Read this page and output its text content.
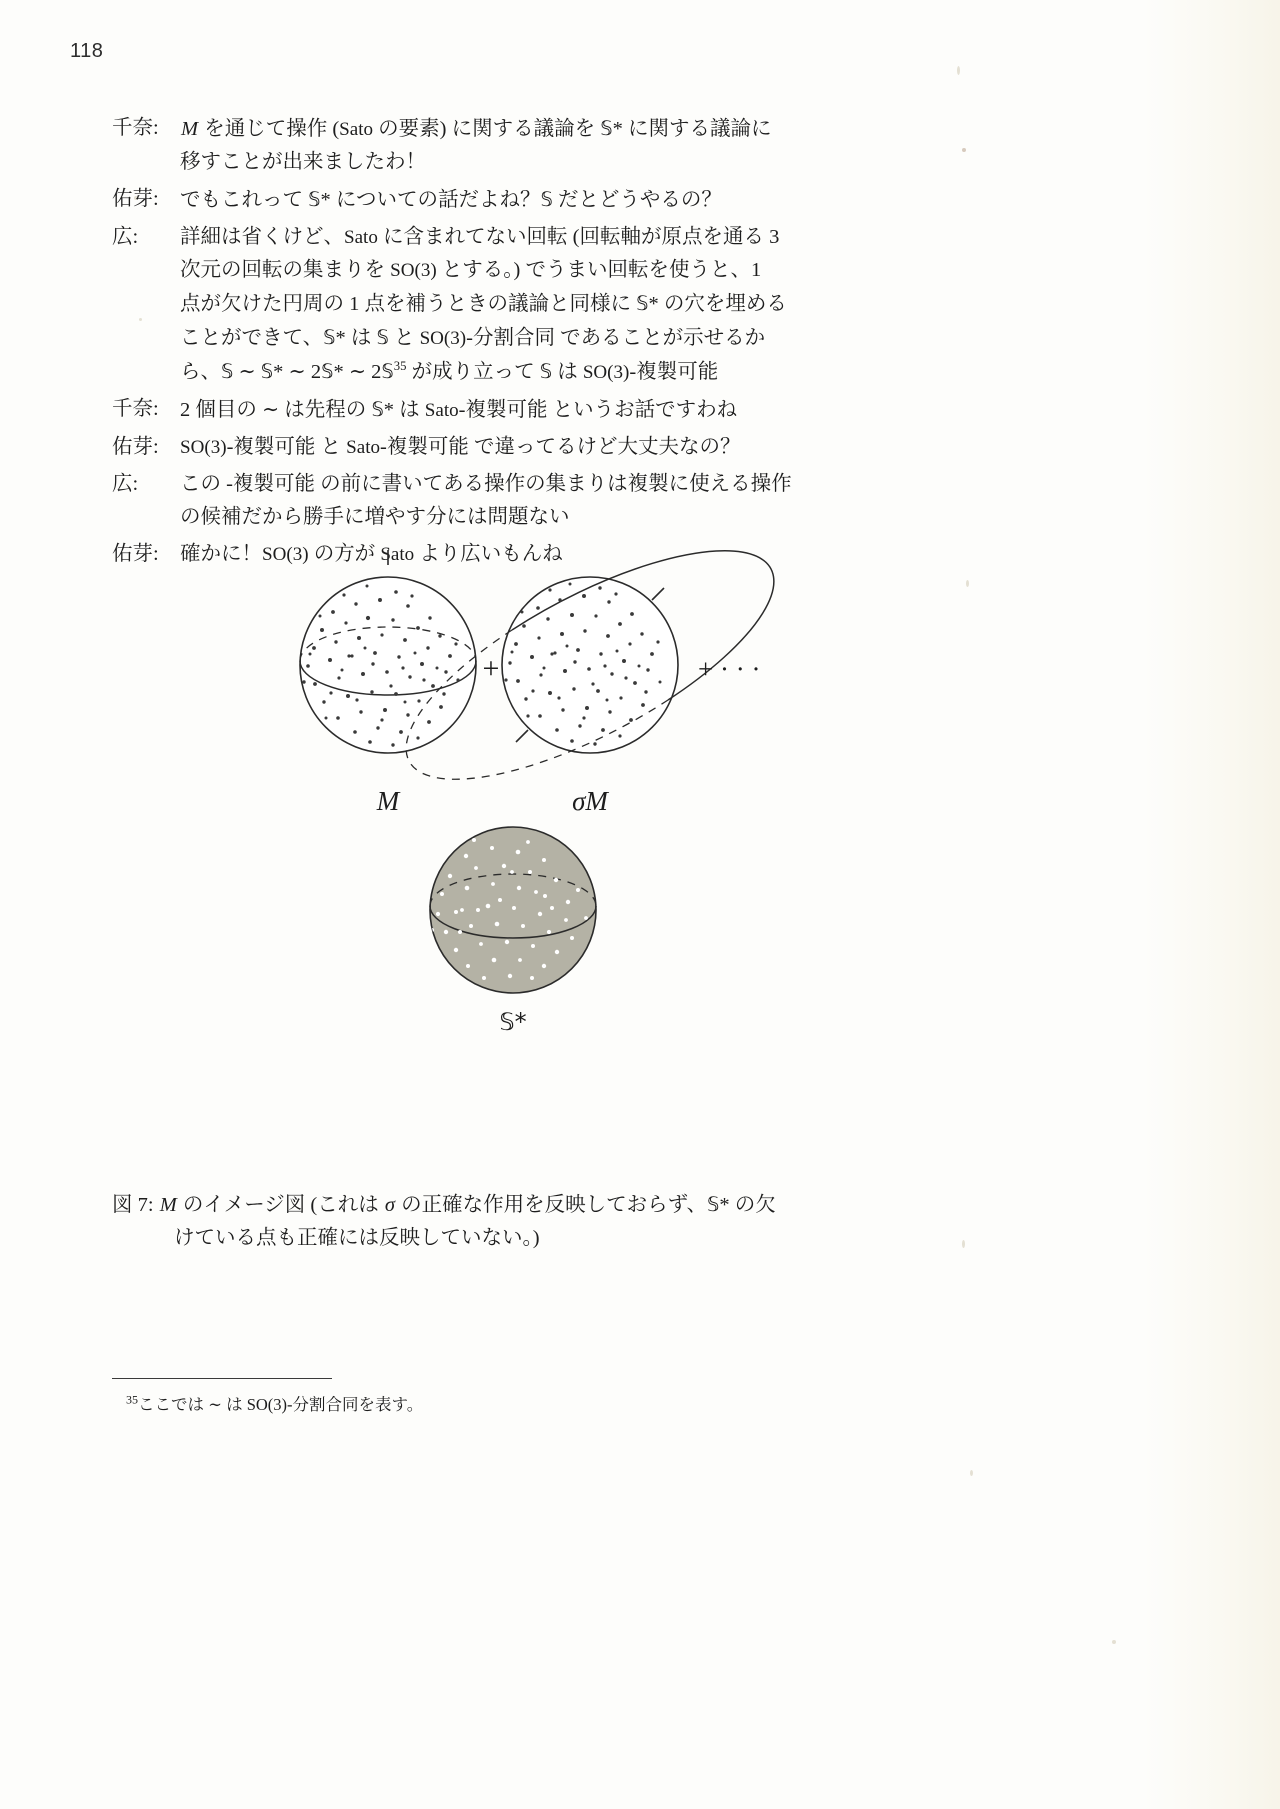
118
千奈:	M を通じて操作 (Sato の要素) に関する議論を 𝕊* に関する議論に
移すことが出来ましたわ！
佑芽:	でもこれって 𝕊* についての話だよね？𝕊 だとどうやるの？
広:	詳細は省くけど、Sato に含まれてない回転 (回転軸が原点を通る 3
次元の回転の集まりを SO(3) とする。) でうまい回転を使うと、1
点が欠けた円周の 1 点を補うときの議論と同様に 𝕊* の穴を埋める
ことができて、𝕊* は 𝕊 と SO(3)-分割合同 であることが示せるか
ら、𝕊 ∼ 𝕊* ∼ 2𝕊* ∼ 2𝕊$^{35}$ が成り立って 𝕊 は SO(3)-複製可能
千奈:	2 個目の ∼ は先程の 𝕊* は Sato-複製可能 というお話ですわね
佑芽:	SO(3)-複製可能 と Sato-複製可能 で違ってるけど大丈夫なの？
広:	この -複製可能 の前に書いてある操作の集まりは複製に使える操作
の候補だから勝手に増やす分には問題ない
佑芽:	確かに！SO(3) の方が Sato より広いもんね
M
+
σM
+ · · ·
𝕊*
図 7: M のイメージ図 (これは σ の正確な作用を反映しておらず、𝕊* の欠
けている点も正確には反映していない。)
$^{35}$ここでは ∼ は SO(3)-分割合同を表す。
